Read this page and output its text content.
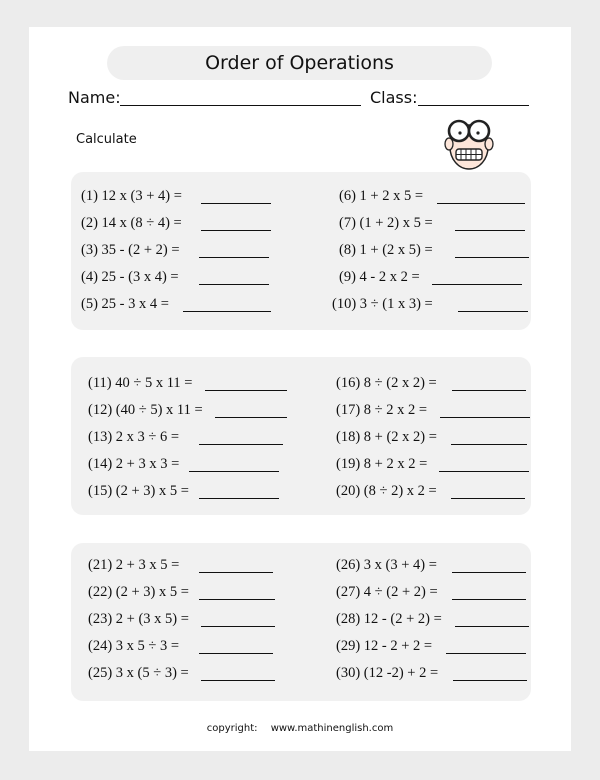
Order of Operations
Name:	Class:
Calculate
(1) 12 x (3 + 4) =
(2) 14 x (8 ÷ 4) =
(3) 35 - (2 + 2) =
(4) 25 - (3 x 4) =
(5) 25 - 3 x 4 =
(6) 1 + 2 x 5 =
(7) (1 + 2) x 5 =
(8) 1 + (2 x 5) =
(9) 4 - 2 x 2 =
(10) 3 ÷ (1 x 3) =
(11) 40 ÷ 5 x 11 =
(12) (40 ÷ 5) x 11 =
(13) 2 x 3 ÷ 6 =
(14) 2 + 3 x 3 =
(15) (2 + 3) x 5 =
(16) 8 ÷ (2 x 2) =
(17) 8 ÷ 2 x 2 =
(18) 8 + (2 x 2) =
(19) 8 + 2 x 2 =
(20) (8 ÷ 2) x 2 =
(21) 2 + 3 x 5 =
(22) (2 + 3) x 5 =
(23) 2 + (3 x 5) =
(24) 3 x 5 ÷ 3 =
(25) 3 x (5 ÷ 3) =
(26) 3 x (3 + 4) =
(27) 4 ÷ (2 + 2) =
(28) 12 - (2 + 2) =
(29) 12 - 2 + 2 =
(30) (12 -2) + 2 =
copyright: www.mathinenglish.com
